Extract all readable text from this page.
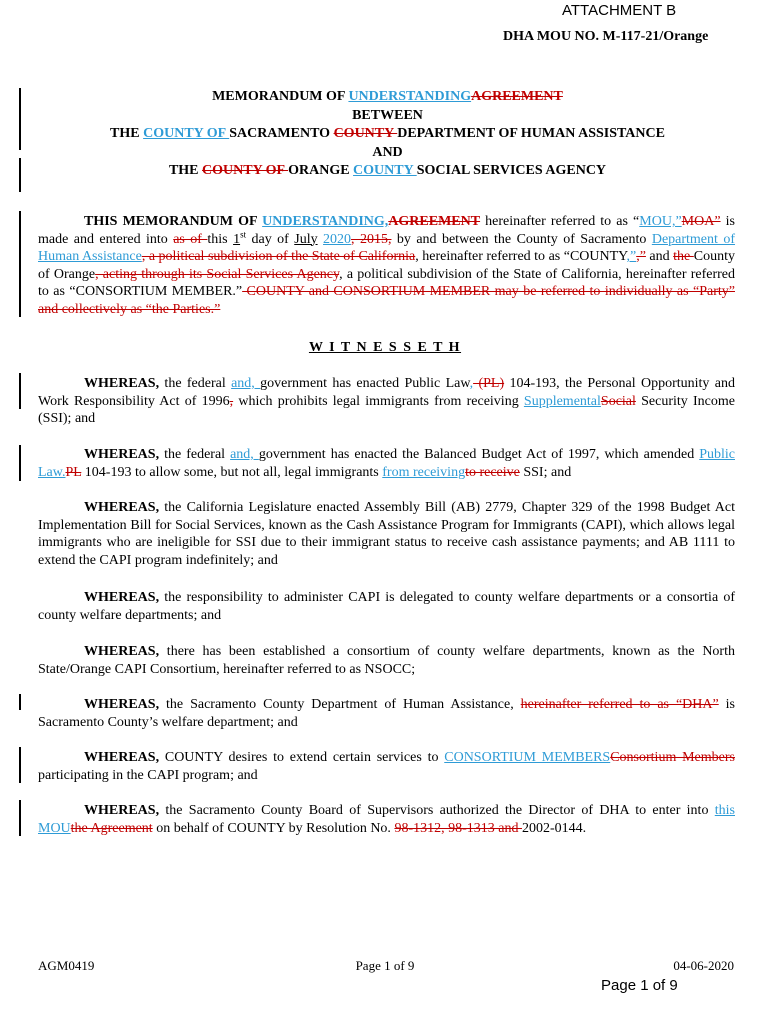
ATTACHMENT B
DHA MOU NO. M-117-21/Orange
MEMORANDUM OF UNDERSTANDINGAGREEMENT
BETWEEN
THE COUNTY OF SACRAMENTO COUNTY DEPARTMENT OF HUMAN ASSISTANCE
AND
THE COUNTY OF ORANGE COUNTY SOCIAL SERVICES AGENCY
THIS MEMORANDUM OF UNDERSTANDING,AGREEMENT hereinafter referred to as “MOU,”MOA” is made and entered into as of this 1st day of July 2020, 2015, by and between the County of Sacramento Department of Human Assistance, a political subdivision of the State of California, hereinafter referred to as “COUNTY,”,” and the County of Orange, acting through its Social Services Agency, a political subdivision of the State of California, hereinafter referred to as “CONSORTIUM MEMBER.” COUNTY and CONSORTIUM MEMBER may be referred to individually as “Party” and collectively as “the Parties.”
W I T N E S S E T H
WHEREAS, the federal and, government has enacted Public Law, (PL) 104-193, the Personal Opportunity and Work Responsibility Act of 1996, which prohibits legal immigrants from receiving SupplementalSocial Security Income (SSI); and
WHEREAS, the federal and, government has enacted the Balanced Budget Act of 1997, which amended Public Law.PL 104-193 to allow some, but not all, legal immigrants from receivingto receive SSI; and
WHEREAS, the California Legislature enacted Assembly Bill (AB) 2779, Chapter 329 of the 1998 Budget Act Implementation Bill for Social Services, known as the Cash Assistance Program for Immigrants (CAPI), which allows legal immigrants who are ineligible for SSI due to their immigrant status to receive cash assistance payments; and AB 1111 to extend the CAPI program indefinitely; and
WHEREAS, the responsibility to administer CAPI is delegated to county welfare departments or a consortia of county welfare departments; and
WHEREAS, there has been established a consortium of county welfare departments, known as the North State/Orange CAPI Consortium, hereinafter referred to as NSOCC;
WHEREAS, the Sacramento County Department of Human Assistance, hereinafter referred to as “DHA” is Sacramento County’s welfare department; and
WHEREAS, COUNTY desires to extend certain services to CONSORTIUM MEMBERSConsortium Members participating in the CAPI program; and
WHEREAS, the Sacramento County Board of Supervisors authorized the Director of DHA to enter into this MOUthe Agreement on behalf of COUNTY by Resolution No. 98-1312, 98-1313 and 2002-0144.
AGM0419	Page 1 of 9	04-06-2020
Page 1 of 9
